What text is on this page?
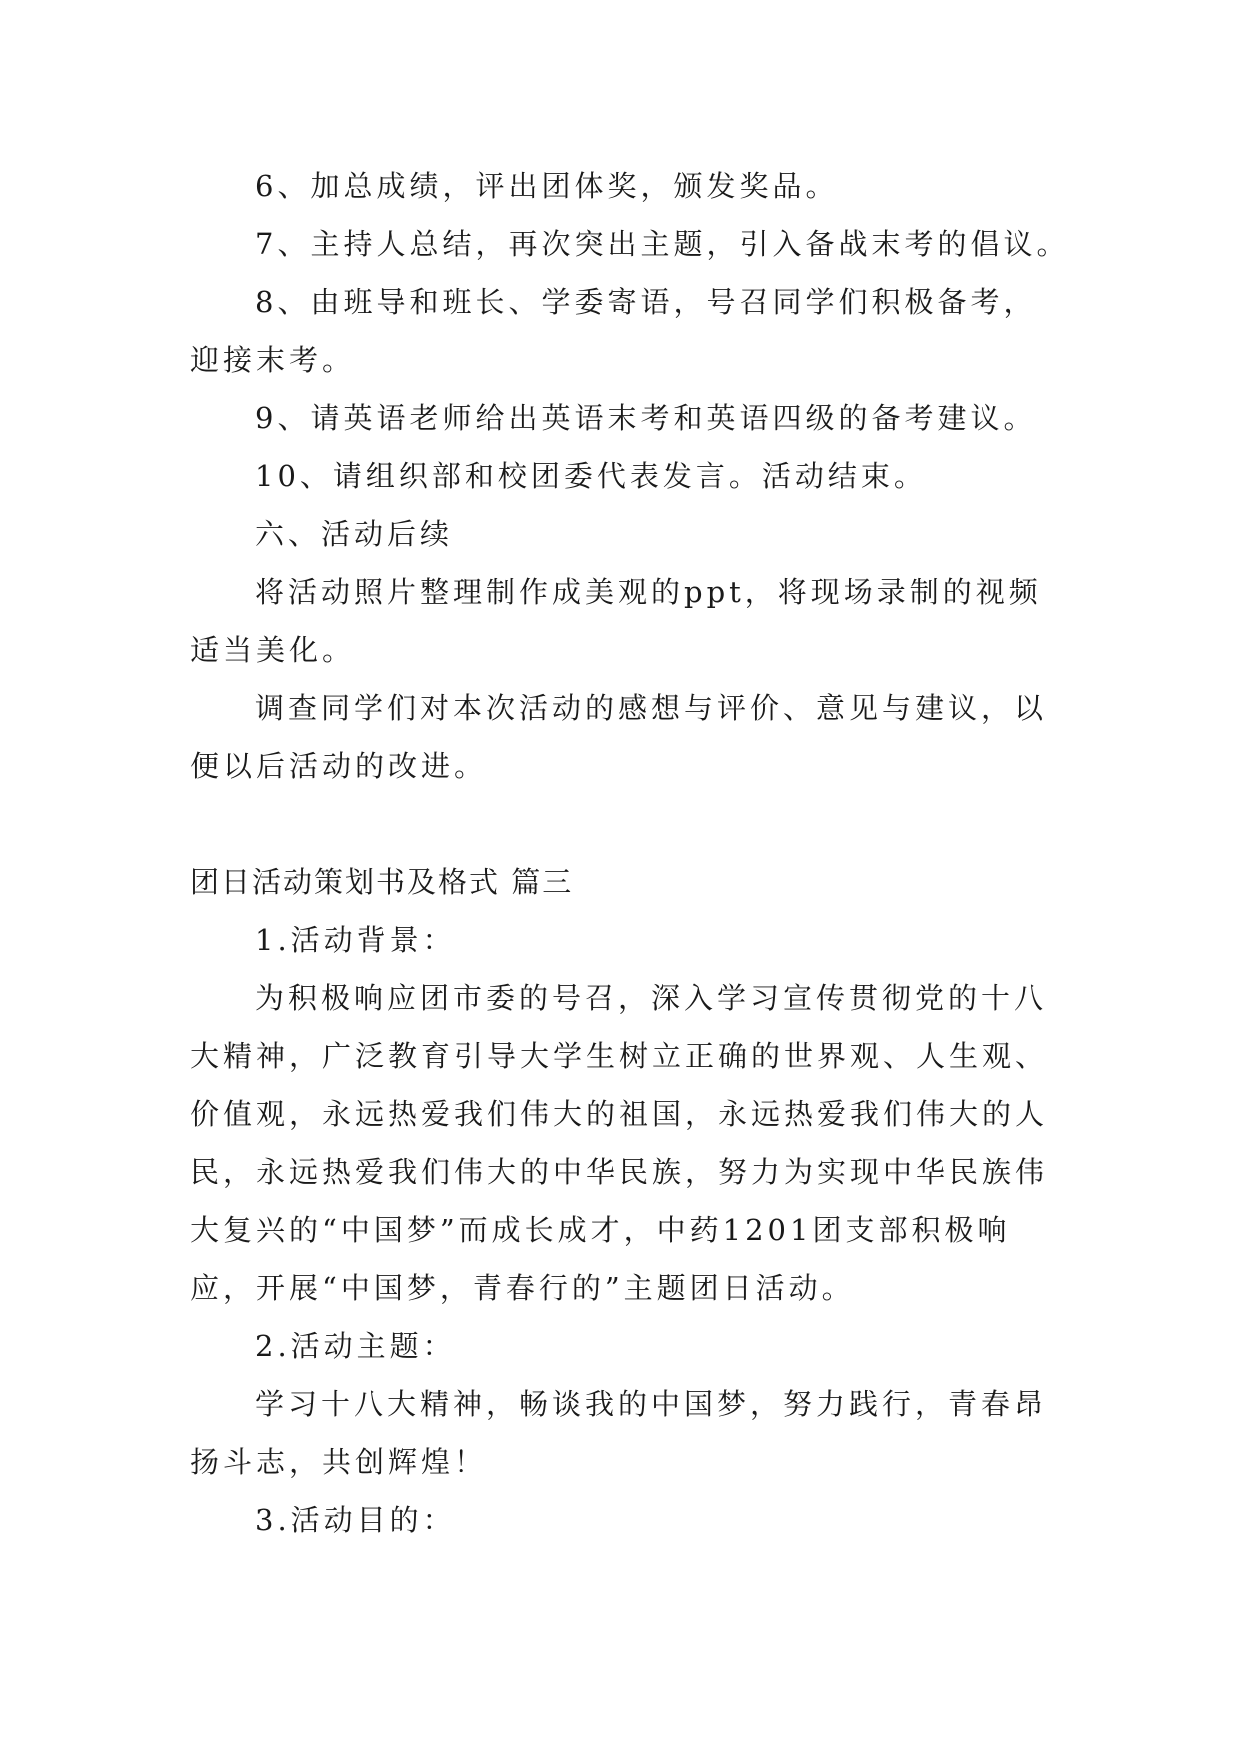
6、加总成绩，评出团体奖，颁发奖品。

7、主持人总结，再次突出主题，引入备战末考的倡议。

8、由班导和班长、学委寄语，号召同学们积极备考，

迎接末考。

9、请英语老师给出英语末考和英语四级的备考建议。

10、请组织部和校团委代表发言。活动结束。

六、活动后续

将活动照片整理制作成美观的ppt，将现场录制的视频

适当美化。

调查同学们对本次活动的感想与评价、意见与建议，以

便以后活动的改进。

团日活动策划书及格式 篇三

1.活动背景：

为积极响应团市委的号召，深入学习宣传贯彻党的十八

大精神，广泛教育引导大学生树立正确的世界观、人生观、

价值观，永远热爱我们伟大的祖国，永远热爱我们伟大的人

民，永远热爱我们伟大的中华民族，努力为实现中华民族伟

大复兴的“中国梦”而成长成才，中药1201团支部积极响

应，开展“中国梦，青春行的”主题团日活动。

2.活动主题：

学习十八大精神，畅谈我的中国梦，努力践行，青春昂

扬斗志，共创辉煌！

3.活动目的：
